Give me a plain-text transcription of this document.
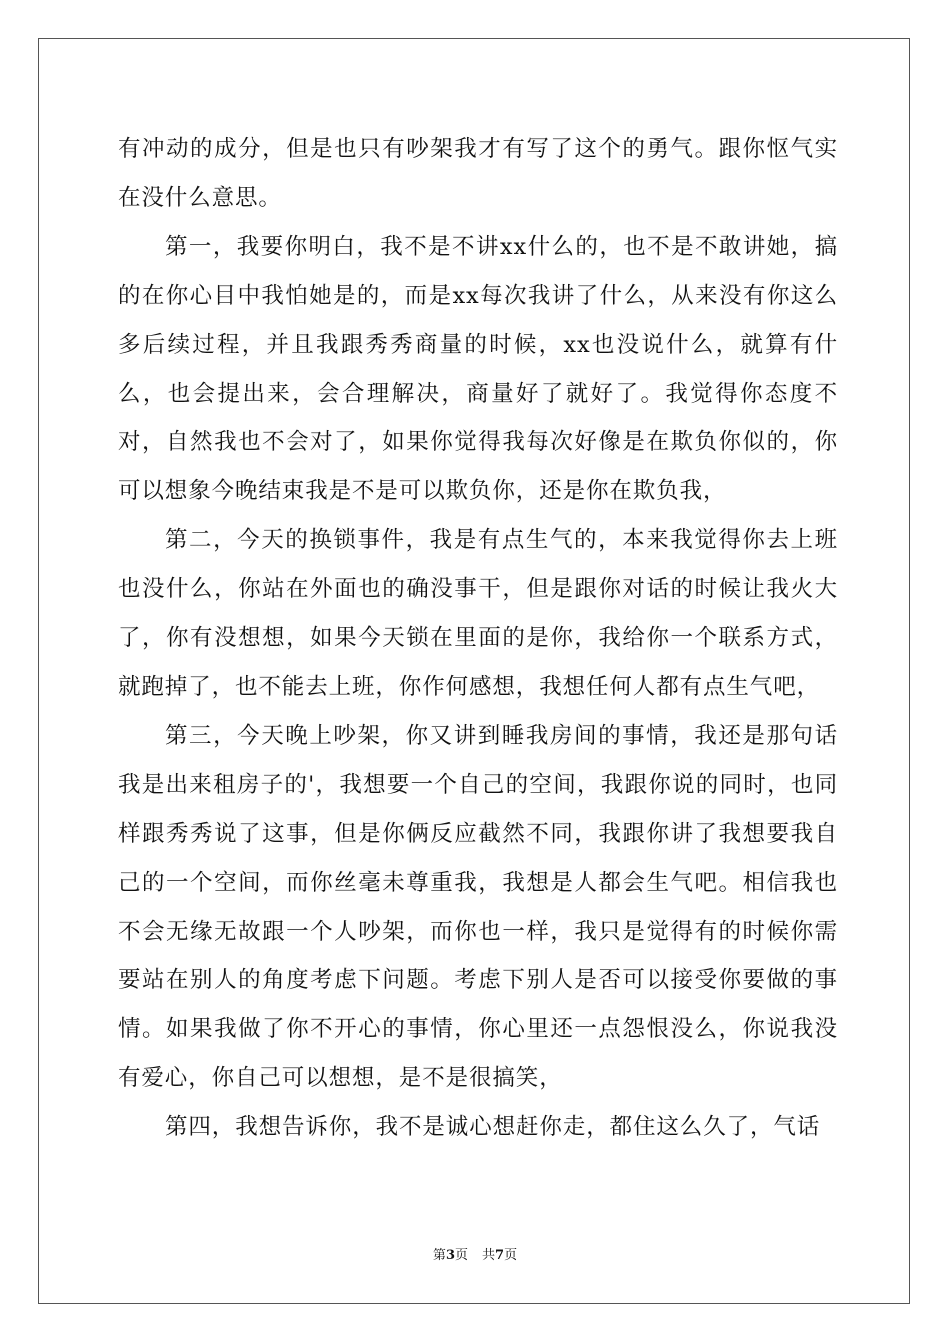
有冲动的成分，但是也只有吵架我才有写了这个的勇气。跟你怄气实在没什么意思。

第一，我要你明白，我不是不讲xx什么的，也不是不敢讲她，搞的在你心目中我怕她是的，而是xx每次我讲了什么，从来没有你这么多后续过程，并且我跟秀秀商量的时候，xx也没说什么，就算有什么，也会提出来，会合理解决，商量好了就好了。我觉得你态度不对，自然我也不会对了，如果你觉得我每次好像是在欺负你似的，你可以想象今晚结束我是不是可以欺负你，还是你在欺负我，

第二，今天的换锁事件，我是有点生气的，本来我觉得你去上班也没什么，你站在外面也的确没事干，但是跟你对话的时候让我火大了，你有没想想，如果今天锁在里面的是你，我给你一个联系方式，就跑掉了，也不能去上班，你作何感想，我想任何人都有点生气吧，

第三，今天晚上吵架，你又讲到睡我房间的事情，我还是那句话我是出来租房子的'，我想要一个自己的空间，我跟你说的同时，也同样跟秀秀说了这事，但是你俩反应截然不同，我跟你讲了我想要我自己的一个空间，而你丝毫未尊重我，我想是人都会生气吧。相信我也不会无缘无故跟一个人吵架，而你也一样，我只是觉得有的时候你需要站在别人的角度考虑下问题。考虑下别人是否可以接受你要做的事情。如果我做了你不开心的事情，你心里还一点怨恨没么，你说我没有爱心，你自己可以想想，是不是很搞笑，

第四，我想告诉你，我不是诚心想赶你走，都住这么久了，气话

第3页 共7页
